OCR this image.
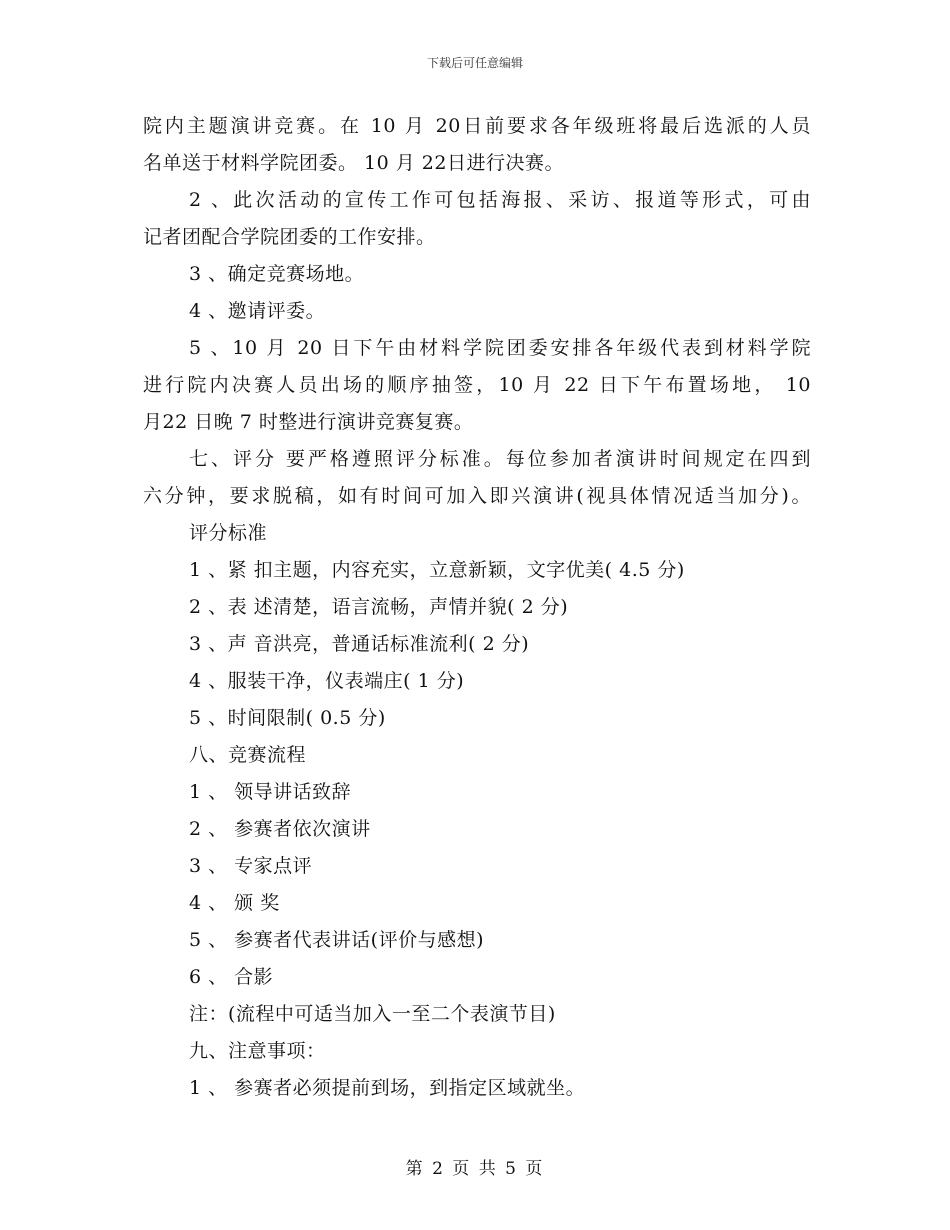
下载后可任意编辑
院内主题演讲竞赛。在 10 月 20日前要求各年级班将最后选派的人员
名单送于材料学院团委。 10 月 22日进行决赛。
2 、此次活动的宣传工作可包括海报、采访、报道等形式，可由
记者团配合学院团委的工作安排。
3 、确定竞赛场地。
4 、邀请评委。
5 、10 月 20 日下午由材料学院团委安排各年级代表到材料学院
进行院内决赛人员出场的顺序抽签，10 月 22 日下午布置场地， 10
月22 日晚 7 时整进行演讲竞赛复赛。
七、评分 要严格遵照评分标准。每位参加者演讲时间规定在四到
六分钟，要求脱稿，如有时间可加入即兴演讲(视具体情况适当加分)。
评分标准
1 、紧 扣主题，内容充实，立意新颖，文字优美( 4.5 分)
2 、表 述清楚，语言流畅，声情并貌( 2 分)
3 、声 音洪亮，普通话标准流利( 2 分)
4 、服装干净，仪表端庄( 1 分)
5 、时间限制( 0.5 分)
八、竞赛流程
1 、 领导讲话致辞
2 、 参赛者依次演讲
3 、 专家点评
4 、 颁 奖
5 、 参赛者代表讲话(评价与感想)
6 、 合影
注：(流程中可适当加入一至二个表演节目)
九、注意事项：
1 、 参赛者必须提前到场，到指定区域就坐。
第 2 页 共 5 页
